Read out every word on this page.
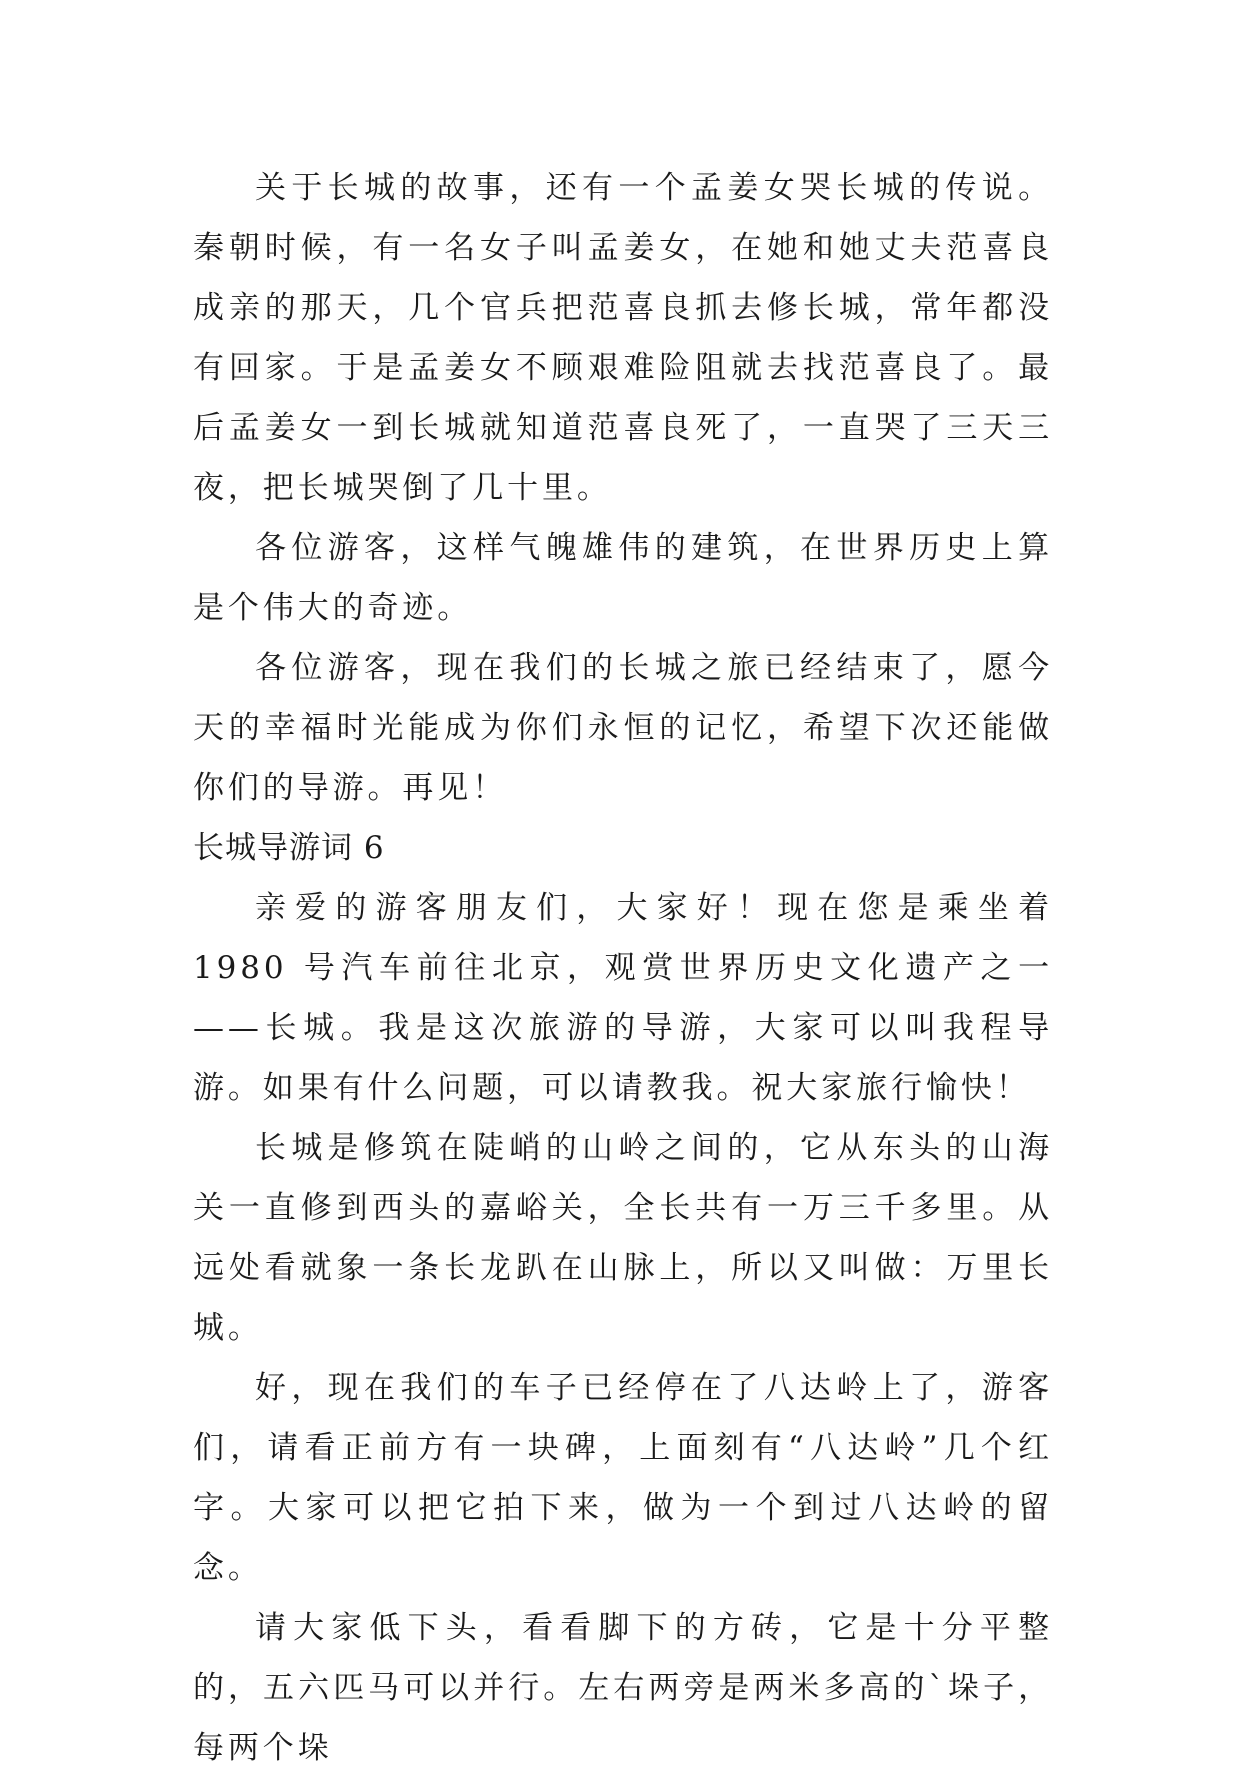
关于长城的故事，还有一个孟姜女哭长城的传说。秦朝时候，有一名女子叫孟姜女，在她和她丈夫范喜良成亲的那天，几个官兵把范喜良抓去修长城，常年都没有回家。于是孟姜女不顾艰难险阻就去找范喜良了。最后孟姜女一到长城就知道范喜良死了，一直哭了三天三夜，把长城哭倒了几十里。

各位游客，这样气魄雄伟的建筑，在世界历史上算是个伟大的奇迹。

各位游客，现在我们的长城之旅已经结束了，愿今天的幸福时光能成为你们永恒的记忆，希望下次还能做你们的导游。再见！

长城导游词 6

亲爱的游客朋友们，大家好！现在您是乘坐着 1980 号汽车前往北京，观赏世界历史文化遗产之一——长城。我是这次旅游的导游，大家可以叫我程导游。如果有什么问题，可以请教我。祝大家旅行愉快！

长城是修筑在陡峭的山岭之间的，它从东头的山海关一直修到西头的嘉峪关，全长共有一万三千多里。从远处看就象一条长龙趴在山脉上，所以又叫做：万里长城。

好，现在我们的车子已经停在了八达岭上了，游客们，请看正前方有一块碑，上面刻有“八达岭”几个红字。大家可以把它拍下来，做为一个到过八达岭的留念。

请大家低下头，看看脚下的方砖，它是十分平整的，五六匹马可以并行。左右两旁是两米多高的`垛子，每两个垛
